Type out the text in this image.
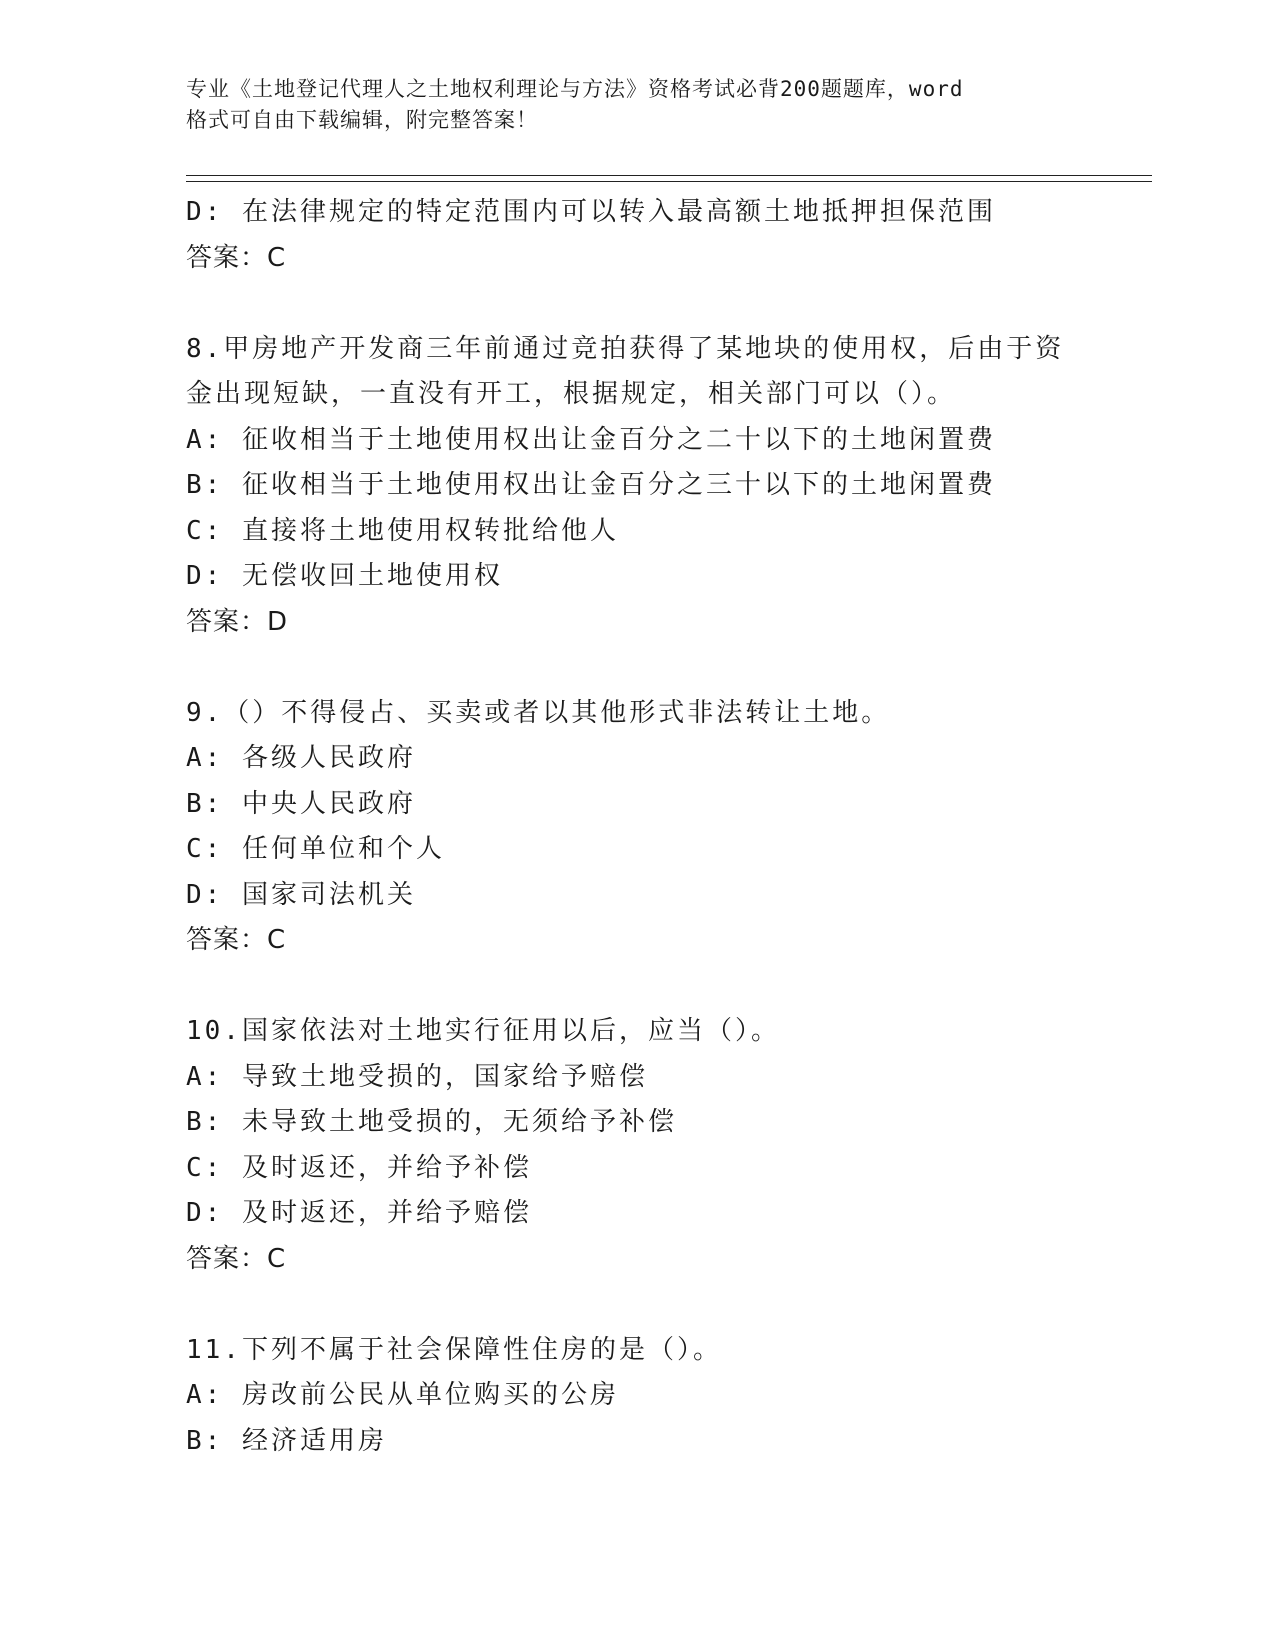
专业《土地登记代理人之土地权利理论与方法》资格考试必背200题题库，word
格式可自由下载编辑，附完整答案！
D: 在法律规定的特定范围内可以转入最高额土地抵押担保范围
答案：C
8.甲房地产开发商三年前通过竞拍获得了某地块的使用权，后由于资
金出现短缺，一直没有开工，根据规定，相关部门可以（）。
A: 征收相当于土地使用权出让金百分之二十以下的土地闲置费
B: 征收相当于土地使用权出让金百分之三十以下的土地闲置费
C: 直接将土地使用权转批给他人
D: 无偿收回土地使用权
答案：D
9.（）不得侵占、买卖或者以其他形式非法转让土地。
A: 各级人民政府
B: 中央人民政府
C: 任何单位和个人
D: 国家司法机关
答案：C
10.国家依法对土地实行征用以后，应当（）。
A: 导致土地受损的，国家给予赔偿
B: 未导致土地受损的，无须给予补偿
C: 及时返还，并给予补偿
D: 及时返还，并给予赔偿
答案：C
11.下列不属于社会保障性住房的是（）。
A: 房改前公民从单位购买的公房
B: 经济适用房
